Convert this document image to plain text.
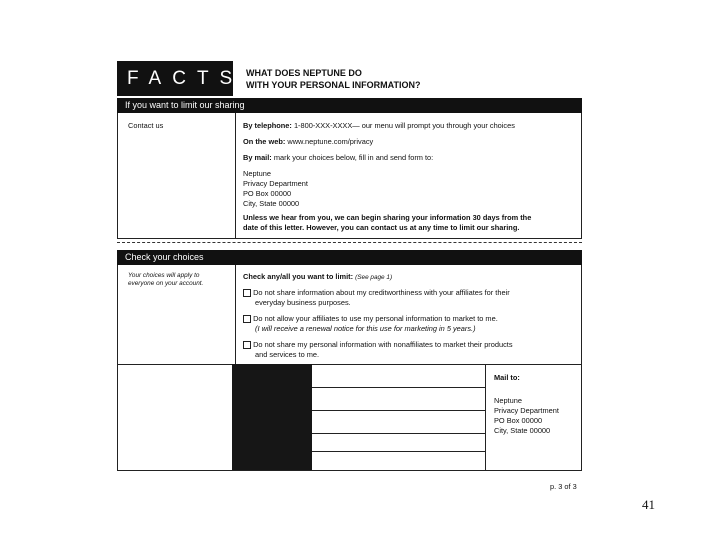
FACTS WHAT DOES NEPTUNE DO
WITH YOUR PERSONAL INFORMATION?
If you want to limit our sharing
Contact us	By telephone: 1-800-XXX-XXXX— our menu will prompt you through your choices
On the web: www.neptune.com/privacy
By mail: mark your choices below, fill in and send form to:
Neptune
Privacy Department
PO Box 00000
City, State 00000
Unless we hear from you, we can begin sharing your information 30 days from the
date of this letter. However, you can contact us at any time to limit our sharing.
Check your choices
Your choices will apply to
everyone on your account.
Check any/all you want to limit: (See page 1)
Do not share information about my creditworthiness with your affiliates for their
everyday business purposes.
Do not allow your affiliates to use my personal information to market to me.
(I will receive a renewal notice for this use for marketing in 5 years.)
Do not share my personal information with nonaffiliates to market their products
and services to me.
Mail to:
Neptune
Privacy Department
PO Box 00000
City, State 00000
p. 3 of 3
41
